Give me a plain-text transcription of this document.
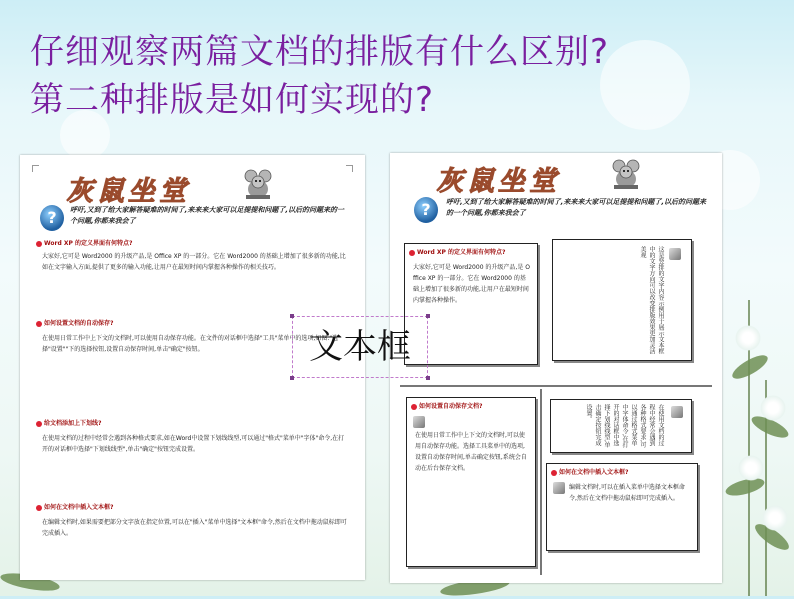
仔细观察两篇文档的排版有什么区别?
第二种排版是如何实现的?
灰鼠坐堂
?	呼吁,又到了给大家解答疑难的时间了,来来来大家可以足提提和问题了,以后的问题来的一个问题,你都来我会了
Word XP 的定义界面有何特点?
大家好,它可是 Word2000 的升级产品,是 Office XP 的一部分。它在 Word2000 的基础上增加了很多新的功能,比如在文字输入方面,提供了更多的输入功能,让用户在最短时间内掌握各种操作的相关技巧。
如何设置文档的自动保存?
在使用日常工作中上下文的文档时,可以使用自动保存功能。在文件的对话框中选择"工具"菜单中的选项,如图:"选择"设置""下的选择按钮,设置自动保存时间,单击"确定"按钮。
给文档添加上下划线?
在使用文档的过程中经常会遇到各种格式要求,如在Word中设置下划线线型,可以通过"格式"菜单中"字体"命令,在打开的对话框中选择"下划线线型",单击"确定"按钮完成设置。
如何在文档中插入文本框?
在编辑文档时,如果需要把部分文字放在指定位置,可以在"插入"菜单中选择"文本框"命令,然后在文档中拖动鼠标即可完成插入。
灰鼠坐堂
?	呼吁,又到了给大家解答疑难的时间了,来来来大家可以足提提和问题了,以后的问题来的一个问题,你都来我会了
Word XP 的定义界面有何特点?
大家好,它可是 Word2000 的升级产品,是 Office XP 的一部分。它在 Word2000 的基础上增加了很多新的功能,让用户在最短时间内掌握各种操作。	这是竖排的文字内容示例用于展示文本框中的文字方向可以改变排版效果更加灵活美观
如何设置自动保存文档?
在使用日常工作中上下文的文档时,可以使用自动保存功能。选择工具菜单中的选项,设置自动保存时间,单击确定按钮,系统会自动在后台保存文档。
在使用文档的过程中经常会遇到各种格式要求,可以通过格式菜单中字体命令,在打开的对话框中选择下划线线型,单击确定按钮完成设置。
如何在文档中插入文本框?
编辑文档时,可以在插入菜单中选择文本框命令,然后在文档中拖动鼠标即可完成插入。
文本框
